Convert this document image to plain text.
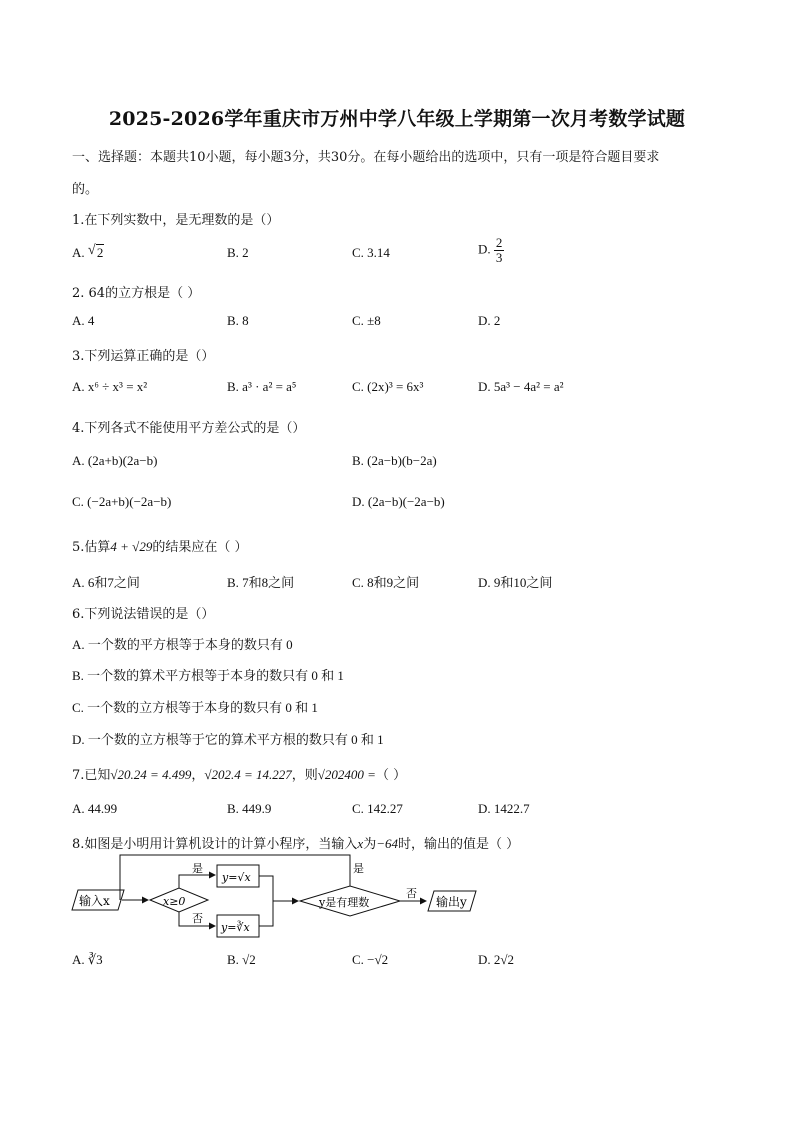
2025-2026学年重庆市万州中学八年级上学期第一次月考数学试题
一、选择题：本题共10小题，每小题3分，共30分。在每小题给出的选项中，只有一项是符合题目要求
的。
1.在下列实数中，是无理数的是（）
A. √ 2	B. 2	C. 3.14	D. $\frac{2}{3}$
2. 64的立方根是（ ）
A. 4	B. 8	C. ±8	D. 2
3.下列运算正确的是（）
A. x⁶ ÷ x³ = x²	B. a³ · a² = a⁵	C. (2x)³ = 6x³	D. 5a³ − 4a² = a²
4.下列各式不能使用平方差公式的是（）
A. (2a+b)(2a−b)	B. (2a−b)(b−2a)
C. (−2a+b)(−2a−b)	D. (2a−b)(−2a−b)
5.估算4 + √29的结果应在（ ）
A. 6和7之间	B. 7和8之间	C. 8和9之间	D. 9和10之间
6.下列说法错误的是（）
A. 一个数的平方根等于本身的数只有 0
B. 一个数的算术平方根等于本身的数只有 0 和 1
C. 一个数的立方根等于本身的数只有 0 和 1
D. 一个数的立方根等于它的算术平方根的数只有 0 和 1
7.已知√20.24 = 4.499，√202.4 = 14.227，则√202400 =（ ）
A. 44.99	B. 449.9	C. 142.27	D. 1422.7
8.如图是小明用计算机设计的计算小程序，当输入x为−64时，输出的值是（ ）
输入x	x≥0
是
y=√x
否
y=∛x
y是有理数
是
否
输出y
A. ∛3	B. √2	C. −√2	D. 2√2
